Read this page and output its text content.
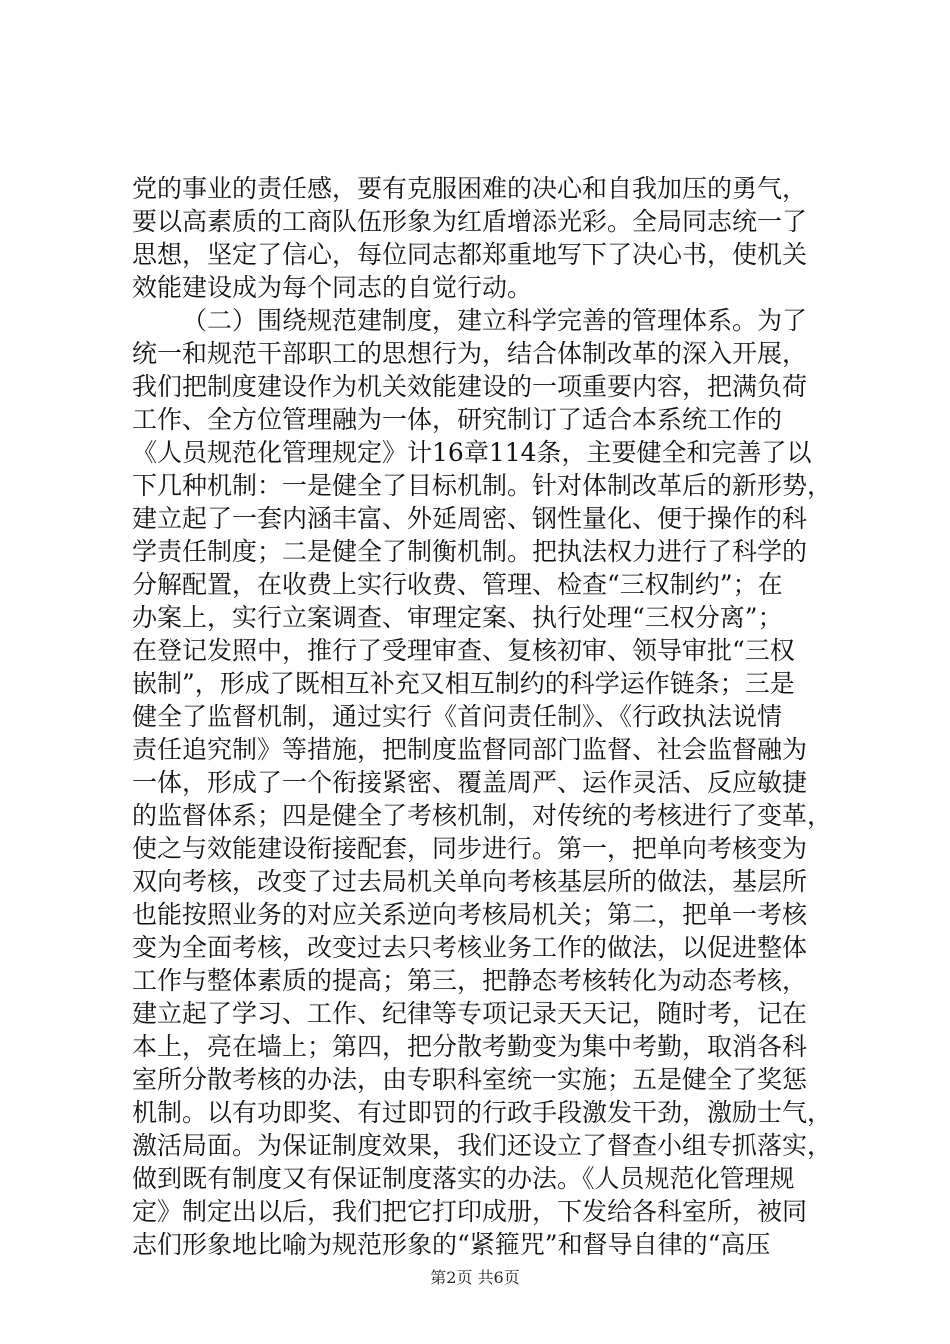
党的事业的责任感，要有克服困难的决心和自我加压的勇气，
要以高素质的工商队伍形象为红盾增添光彩。全局同志统一了
思想，坚定了信心，每位同志都郑重地写下了决心书，使机关
效能建设成为每个同志的自觉行动。
（二）围绕规范建制度，建立科学完善的管理体系。为了
统一和规范干部职工的思想行为，结合体制改革的深入开展，
我们把制度建设作为机关效能建设的一项重要内容，把满负荷
工作、全方位管理融为一体，研究制订了适合本系统工作的
《人员规范化管理规定》计16章114条，主要健全和完善了以
下几种机制：一是健全了目标机制。针对体制改革后的新形势，
建立起了一套内涵丰富、外延周密、钢性量化、便于操作的科
学责任制度；二是健全了制衡机制。把执法权力进行了科学的
分解配置，在收费上实行收费、管理、检查“三权制约”；在
办案上，实行立案调查、审理定案、执行处理“三权分离”；
在登记发照中，推行了受理审查、复核初审、领导审批“三权
嵌制”，形成了既相互补充又相互制约的科学运作链条；三是
健全了监督机制，通过实行《首问责任制》、《行政执法说情
责任追究制》等措施，把制度监督同部门监督、社会监督融为
一体，形成了一个衔接紧密、覆盖周严、运作灵活、反应敏捷
的监督体系；四是健全了考核机制，对传统的考核进行了变革，
使之与效能建设衔接配套，同步进行。第一，把单向考核变为
双向考核，改变了过去局机关单向考核基层所的做法，基层所
也能按照业务的对应关系逆向考核局机关；第二，把单一考核
变为全面考核，改变过去只考核业务工作的做法，以促进整体
工作与整体素质的提高；第三，把静态考核转化为动态考核，
建立起了学习、工作、纪律等专项记录天天记，随时考，记在
本上，亮在墙上；第四，把分散考勤变为集中考勤，取消各科
室所分散考核的办法，由专职科室统一实施；五是健全了奖惩
机制。以有功即奖、有过即罚的行政手段激发干劲，激励士气，
激活局面。为保证制度效果，我们还设立了督查小组专抓落实，
做到既有制度又有保证制度落实的办法。《人员规范化管理规
定》制定出以后，我们把它打印成册，下发给各科室所，被同
志们形象地比喻为规范形象的“紧箍咒”和督导自律的“高压
第2页 共6页
